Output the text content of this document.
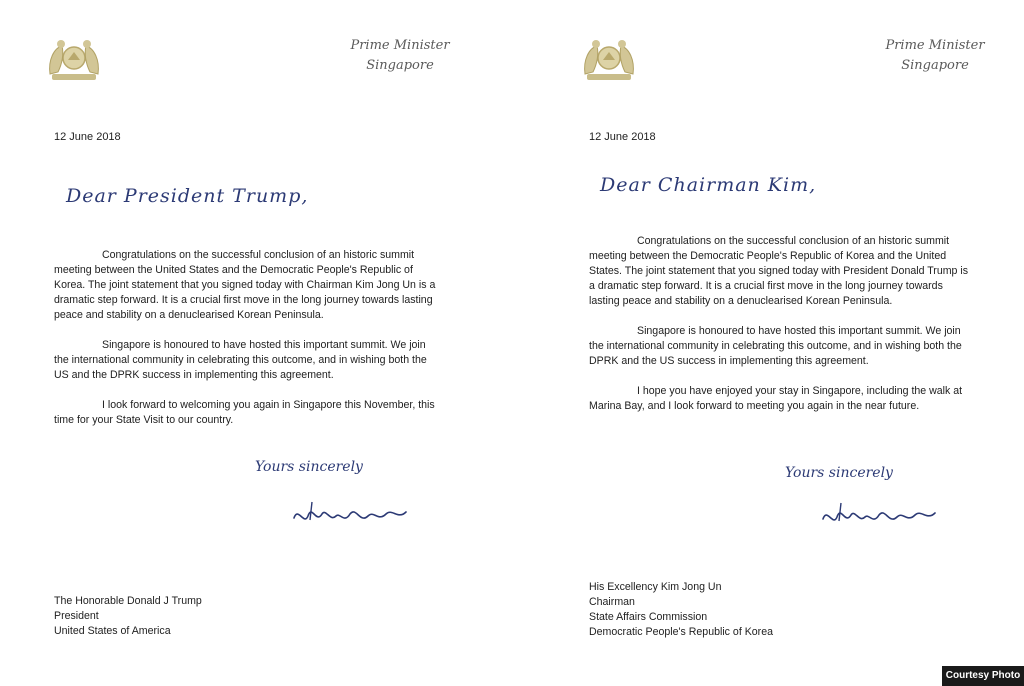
Prime Minister
Singapore
12 June 2018
Dear President Trump,

Congratulations on the successful conclusion of an historic summit meeting between the United States and the Democratic People's Republic of Korea. The joint statement that you signed today with Chairman Kim Jong Un is a dramatic step forward. It is a crucial first move in the long journey towards lasting peace and stability on a denuclearised Korean Peninsula.

Singapore is honoured to have hosted this important summit. We join the international community in celebrating this outcome, and in wishing both the US and the DPRK success in implementing this agreement.

I look forward to welcoming you again in Singapore this November, this time for your State Visit to our country.

Yours sincerely
The Honorable Donald J Trump
President
United States of America
Prime Minister
Singapore
12 June 2018
Dear Chairman Kim,

Congratulations on the successful conclusion of an historic summit meeting between the Democratic People's Republic of Korea and the United States. The joint statement that you signed today with President Donald Trump is a dramatic step forward. It is a crucial first move in the long journey towards lasting peace and stability on a denuclearised Korean Peninsula.

Singapore is honoured to have hosted this important summit. We join the international community in celebrating this outcome, and in wishing both the DPRK and the US success in implementing this agreement.

I hope you have enjoyed your stay in Singapore, including the walk at Marina Bay, and I look forward to meeting you again in the near future.

Yours sincerely
His Excellency Kim Jong Un
Chairman
State Affairs Commission
Democratic People's Republic of Korea
Courtesy Photo
